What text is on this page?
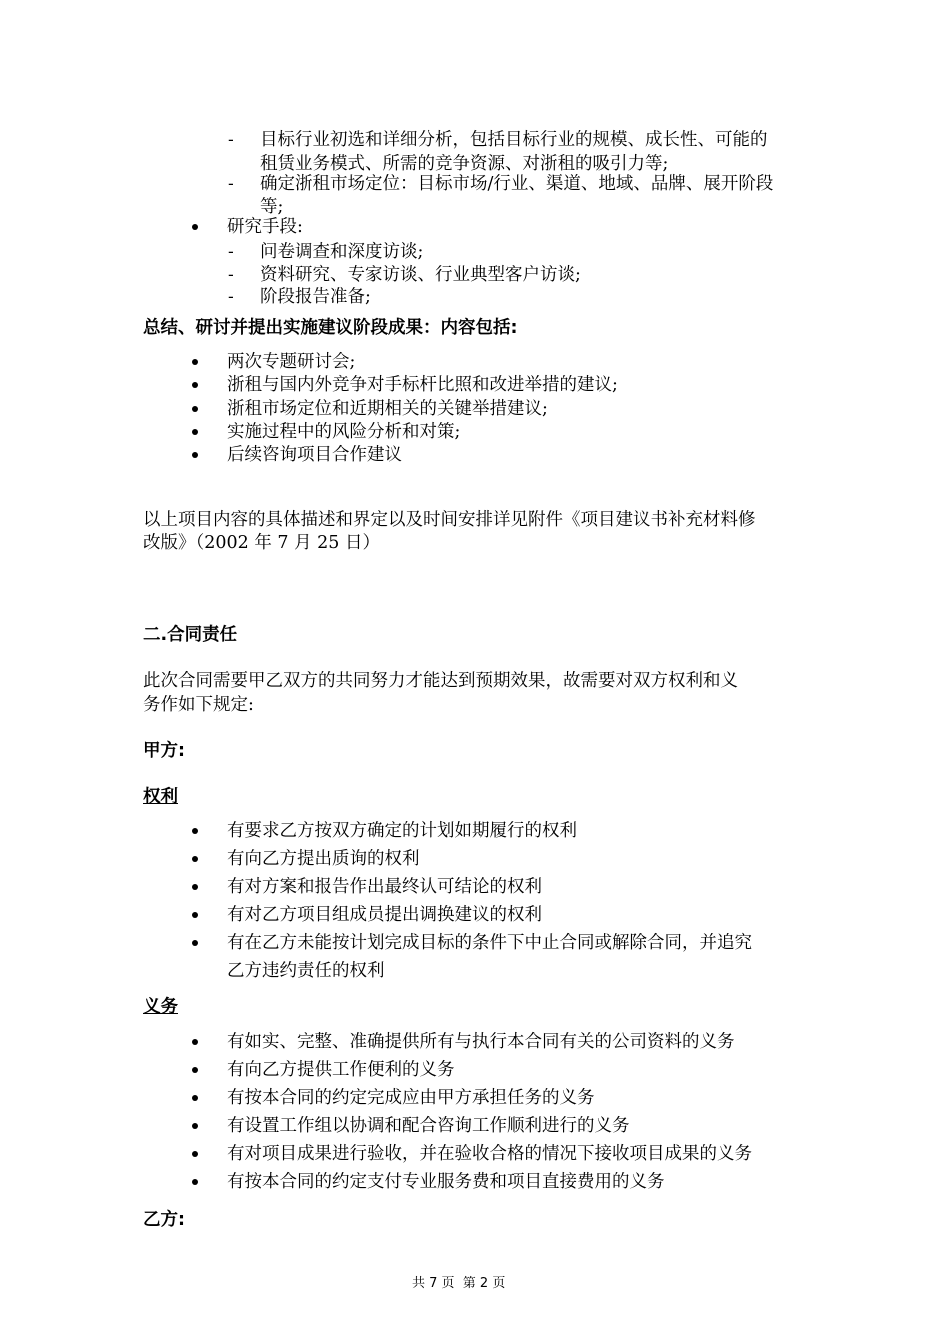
- 目标行业初选和详细分析，包括目标行业的规模、成长性、可能的
租赁业务模式、所需的竞争资源、对浙租的吸引力等;
- 确定浙租市场定位：目标市场/行业、渠道、地域、品牌、展开阶段
等;
研究手段:
- 问卷调查和深度访谈;
- 资料研究、专家访谈、行业典型客户访谈;
- 阶段报告准备;
总结、研讨并提出实施建议阶段成果：内容包括:
两次专题研讨会;
浙租与国内外竞争对手标杆比照和改进举措的建议;
浙租市场定位和近期相关的关键举措建议;
实施过程中的风险分析和对策;
后续咨询项目合作建议
以上项目内容的具体描述和界定以及时间安排详见附件《项目建议书补充材料修
改版》（2002 年 7 月 25 日）
二.合同责任
此次合同需要甲乙双方的共同努力才能达到预期效果，故需要对双方权利和义
务作如下规定:
甲方:
权利
有要求乙方按双方确定的计划如期履行的权利
有向乙方提出质询的权利
有对方案和报告作出最终认可结论的权利
有对乙方项目组成员提出调换建议的权利
有在乙方未能按计划完成目标的条件下中止合同或解除合同，并追究
乙方违约责任的权利
义务
有如实、完整、准确提供所有与执行本合同有关的公司资料的义务
有向乙方提供工作便利的义务
有按本合同的约定完成应由甲方承担任务的义务
有设置工作组以协调和配合咨询工作顺利进行的义务
有对项目成果进行验收，并在验收合格的情况下接收项目成果的义务
有按本合同的约定支付专业服务费和项目直接费用的义务
乙方:
共 7 页  第 2 页
